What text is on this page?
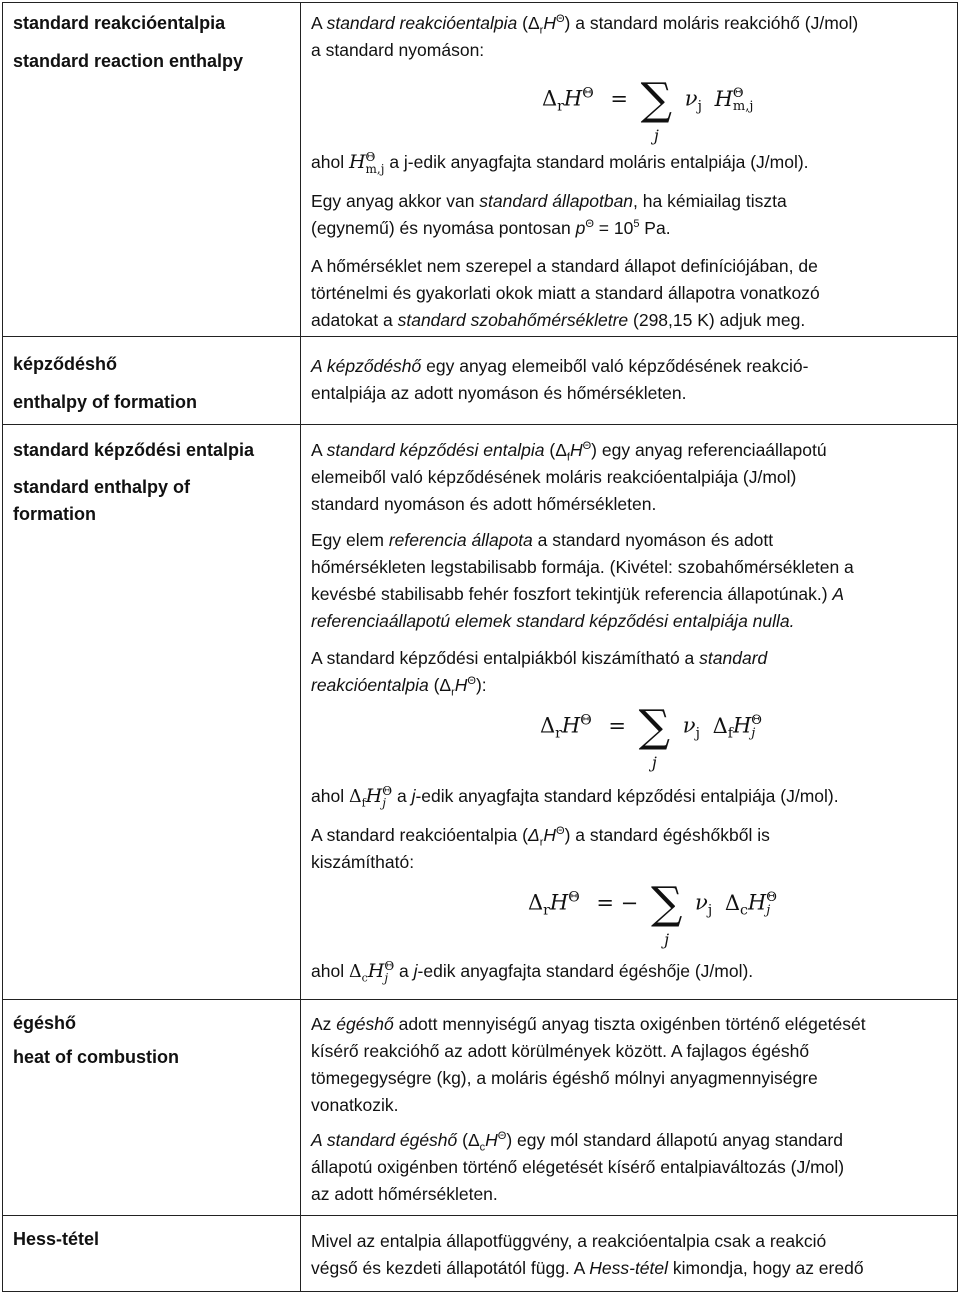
standard reakcióentalpia
standard reaction enthalpy
képződéshő
enthalpy of formation
standard képződési entalpia
standard enthalpy of
formation
égéshő
heat of combustion
Hess-tétel
A standard reakcióentalpia $(\Delta_rH^\Theta)$ a standard moláris reakcióhő (J/mol)
a standard nyomáson:
$\Delta_rH^\Theta$ = ∑
j
$\nu_j$ H Θ
m,j
ahol H Θ
m,j a j-edik anyagfajta standard moláris entalpiája (J/mol).
Egy anyag akkor van standard állapotban, ha kémiailag tiszta
(egynemű) és nyomása pontosan $p^\Theta = 10^5$ Pa.
A hőmérséklet nem szerepel a standard állapot definíciójában, de
történelmi és gyakorlati okok miatt a standard állapotra vonatkozó
adatokat a standard szobahőmérsékletre (298,15 K) adjuk meg.
A képződéshő egy anyag elemeiből való képződésének reakció-
entalpiája az adott nyomáson és hőmérsékleten.
A standard képződési entalpia $(\Delta_fH^\Theta)$ egy anyag referenciaállapotú
elemeiből való képződésének moláris reakcióentalpiája (J/mol)
standard nyomáson és adott hőmérsékleten.
Egy elem referencia állapota a standard nyomáson és adott
hőmérsékleten legstabilisabb formája. (Kivétel: szobahőmérsékleten a
kevésbé stabilisabb fehér foszfort tekintjük referencia állapotúnak.) A
referenciaállapotú elemek standard képződési entalpiája nulla.
A standard képződési entalpiákból kiszámítható a standard
reakcióentalpia $(\Delta_rH^\Theta)$:
$\Delta_rH^\Theta$ = ∑
j
$\nu_j$ $\Delta_fH$ Θ
j
ahol $\Delta_fH$ Θ
j a j-edik anyagfajta standard képződési entalpiája (J/mol).
A standard reakcióentalpia $(\Delta_rH^\Theta)$ a standard égéshőkből is
kiszámítható:
$\Delta_rH^\Theta$ = − ∑
j
$\nu_j$ $\Delta_cH$ Θ
j
ahol $\Delta_cH$ Θ
j a j-edik anyagfajta standard égéshője (J/mol).
Az égéshő adott mennyiségű anyag tiszta oxigénben történő elégetését
kísérő reakcióhő az adott körülmények között. A fajlagos égéshő
tömegegységre (kg), a moláris égéshő mólnyi anyagmennyiségre
vonatkozik.
A standard égéshő $(\Delta_cH^\Theta)$ egy mól standard állapotú anyag standard
állapotú oxigénben történő elégetését kísérő entalpiaváltozás (J/mol)
az adott hőmérsékleten.
Mivel az entalpia állapotfüggvény, a reakcióentalpia csak a reakció
végső és kezdeti állapotától függ. A Hess-tétel kimondja, hogy az eredő
